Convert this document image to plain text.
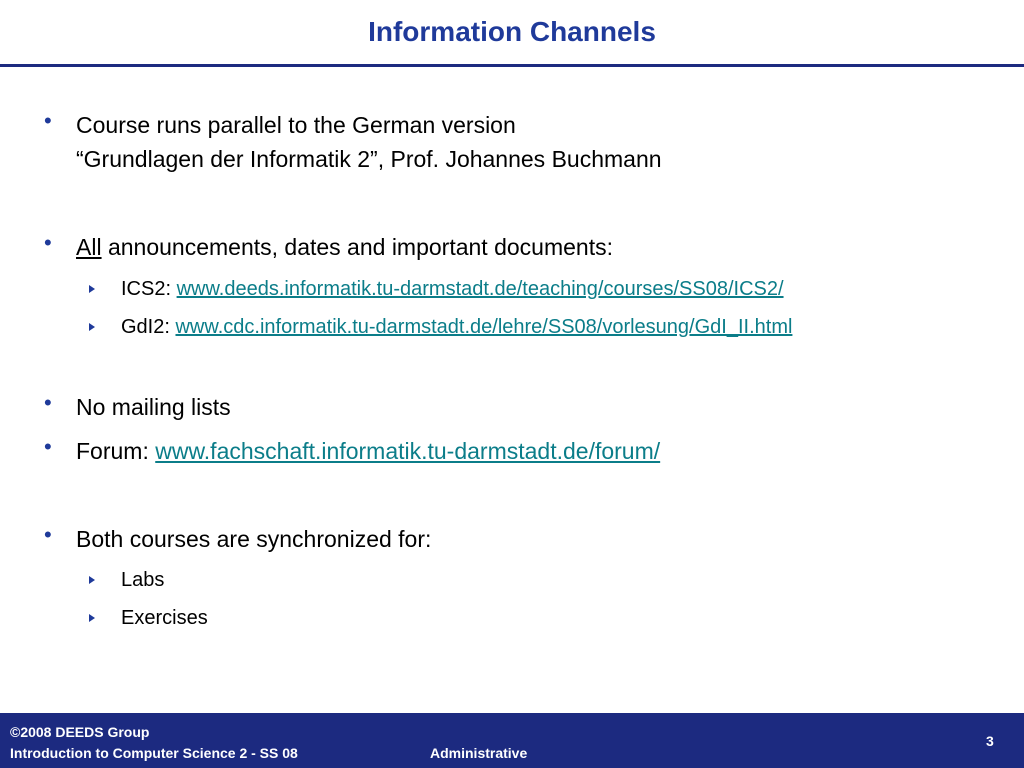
Information Channels
•	Course runs parallel to the German version
“Grundlagen der Informatik 2”, Prof. Johannes Buchmann
•	All announcements, dates and important documents:
ICS2: www.deeds.informatik.tu-darmstadt.de/teaching/courses/SS08/ICS2/
GdI2: www.cdc.informatik.tu-darmstadt.de/lehre/SS08/vorlesung/GdI_II.html
•	No mailing lists
•	Forum: www.fachschaft.informatik.tu-darmstadt.de/forum/
•	Both courses are synchronized for:
Labs
Exercises
©2008 DEEDS Group
Introduction to Computer Science 2 - SS 08	Administrative
3
